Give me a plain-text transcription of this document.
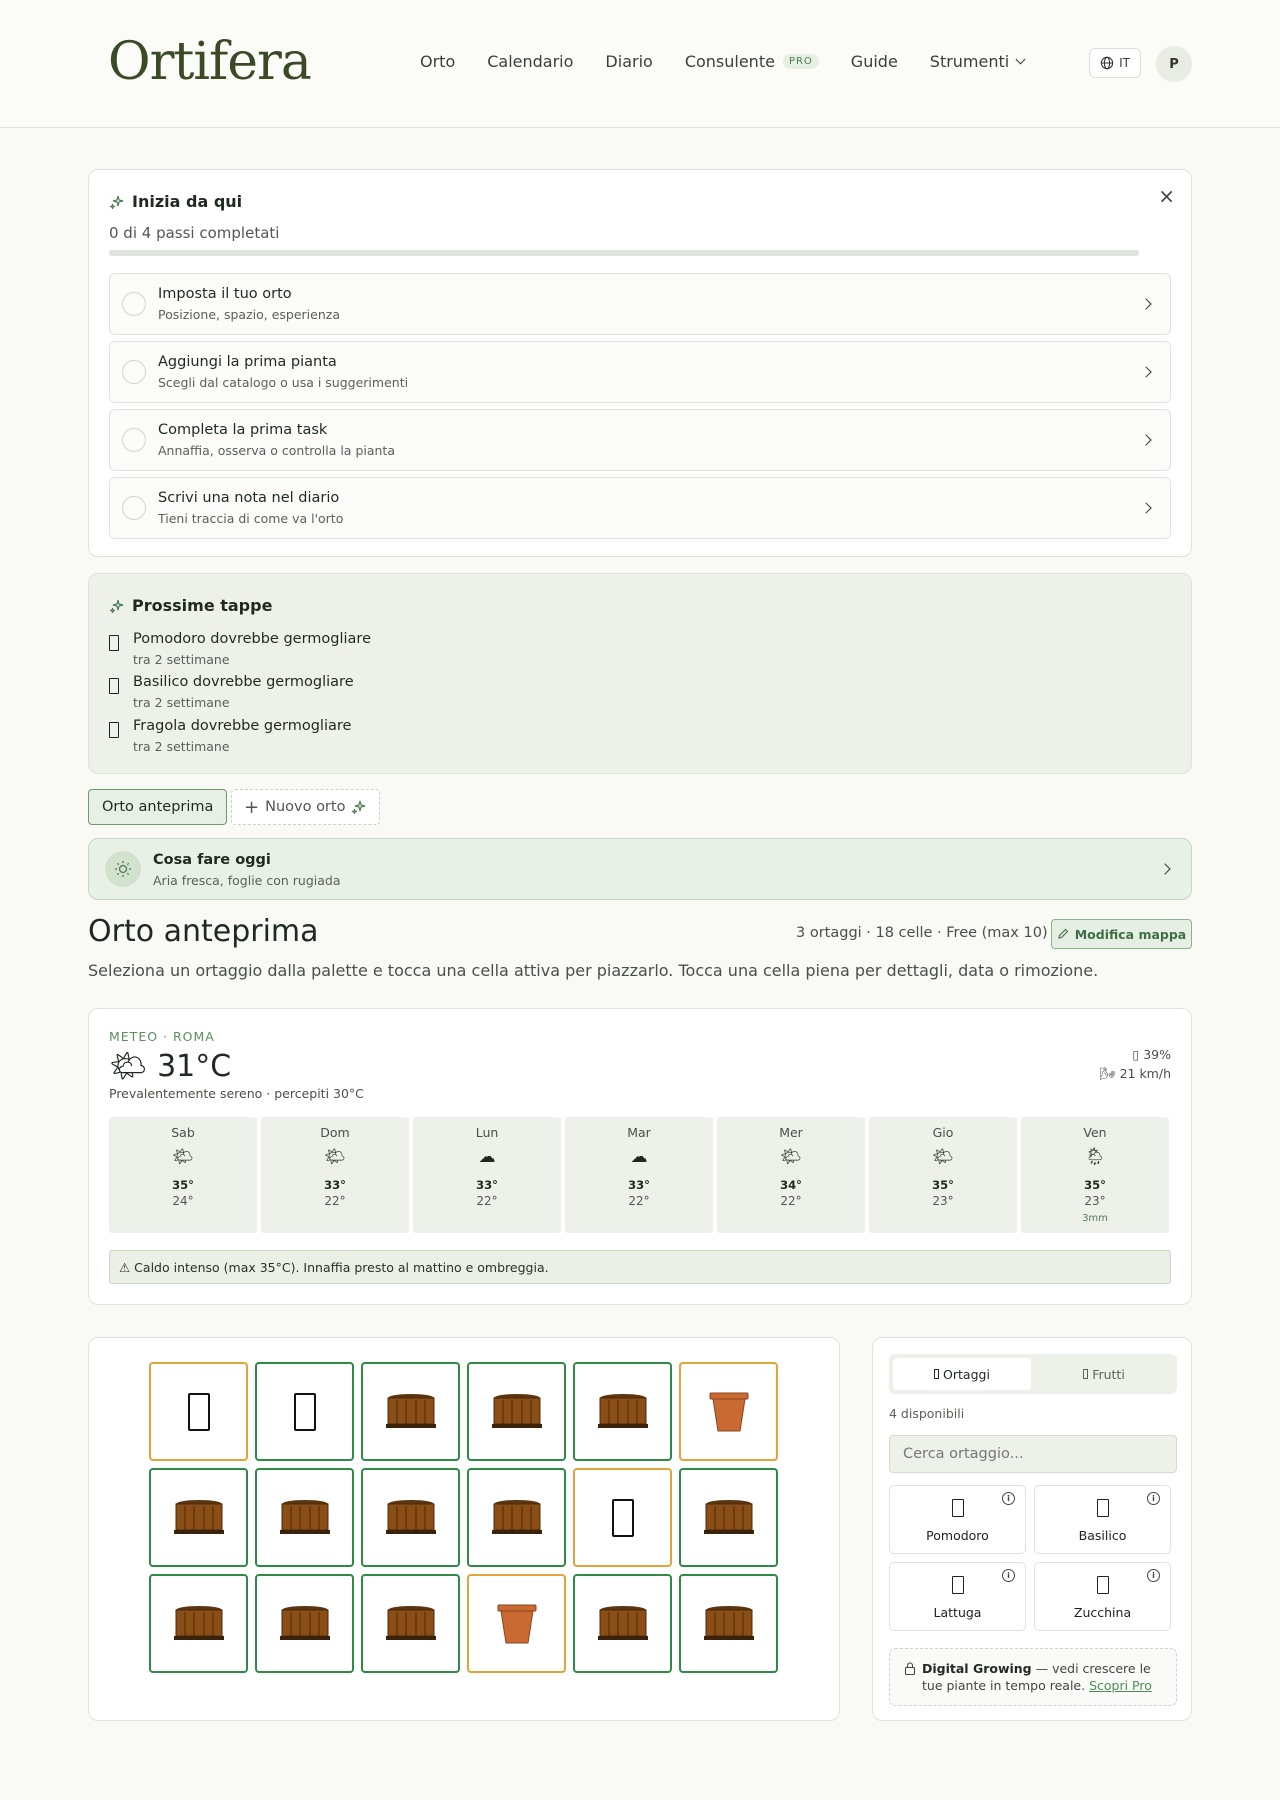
Ortifera	Orto Calendario Diario Consulente	PRO	Guide Strumenti	IT	P
Inizia da qui	×
0 di 4 passi completati
Imposta il tuo orto
Posizione, spazio, esperienza
Aggiungi la prima pianta
Scegli dal catalogo o usa i suggerimenti
Completa la prima task
Annaffia, osserva o controlla la pianta
Scrivi una nota nel diario
Tieni traccia di come va l'orto
Prossime tappe
Pomodoro dovrebbe germogliare
tra 2 settimane
Basilico dovrebbe germogliare
tra 2 settimane
Fragola dovrebbe germogliare
tra 2 settimane
Orto anteprima	+ Nuovo orto
Cosa fare oggi
Aria fresca, foglie con rugiada
Orto anteprima	3 ortaggi · 18 celle · Free (max 10) Modifica mappa
Seleziona un ortaggio dalla palette e tocca una cella attiva per piazzarlo. Tocca una cella piena per dettagli, data o rimozione.
METEO · ROMA
🌤 31°C
Prevalentemente sereno · percepiti 30°C
▯ 39%
🌬 21 km/h
Sab
🌤
35°
24°
Dom
🌤
33°
22°
Lun
☁
33°
22°
Mar
☁
33°
22°
Mer
🌤
34°
22°
Gio
🌤
35°
23°
Ven
🌦
35°
23°
3mm
⚠ Caldo intenso (max 35°C). Innaffia presto al mattino e ombreggia.
Ortaggi	Frutti
4 disponibili
Cerca ortaggio...
i
Pomodoro
i
Basilico
i
Lattuga
i
Zucchina
Digital Growing — vedi crescere le tue piante in tempo reale. Scopri Pro
